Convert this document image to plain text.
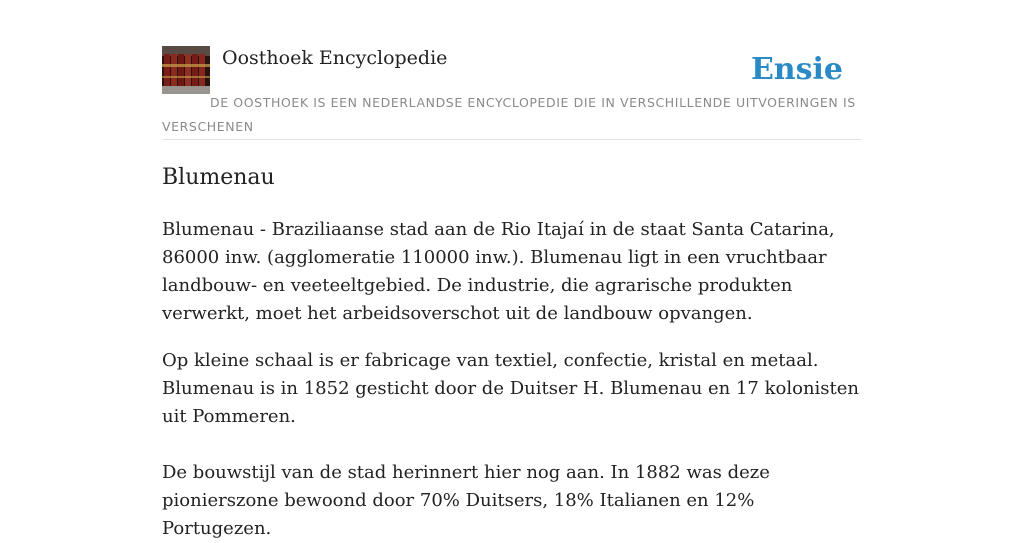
Oosthoek Encyclopedie	Ensie
DE OOSTHOEK IS EEN NEDERLANDSE ENCYCLOPEDIE DIE IN VERSCHILLENDE UITVOERINGEN IS VERSCHENEN
Blumenau

Blumenau - Braziliaanse stad aan de Rio Itajaí in de staat Santa Catarina, 86000 inw. (agglomeratie 110000 inw.). Blumenau ligt in een vruchtbaar landbouw- en veeteeltgebied. De industrie, die agrarische produkten verwerkt, moet het arbeidsoverschot uit de landbouw opvangen.

Op kleine schaal is er fabricage van textiel, confectie, kristal en metaal. Blumenau is in 1852 gesticht door de Duitser H. Blumenau en 17 kolonisten uit Pommeren.

De bouwstijl van de stad herinnert hier nog aan. In 1882 was deze pionierszone bewoond door 70% Duitsers, 18% Italianen en 12% Portugezen.
